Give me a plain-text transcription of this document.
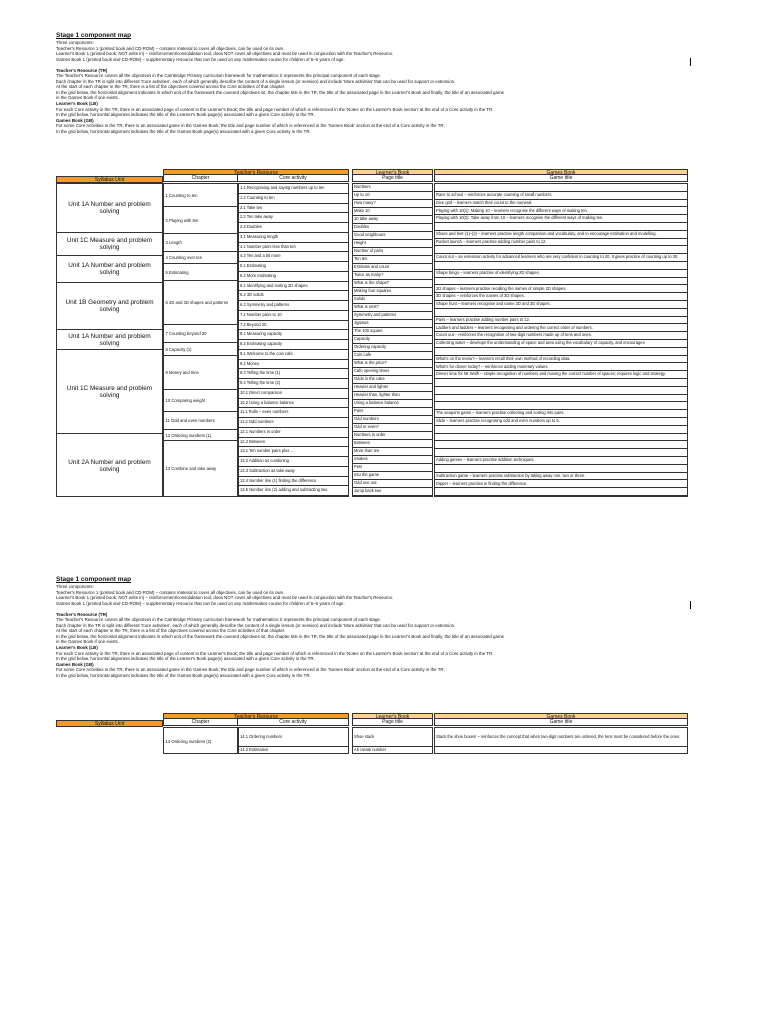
Stage 1 component map

Three components:

Teacher's Resource 1 (printed book and CD-ROM) – contains material to cover all objectives, can be used on its own.

Learner's Book 1 (printed book; NOT write in) – reinforcement/consolidation tool, does NOT cover all objectives and must be used in conjunction with the Teacher's Resource.

Games Book 1 (printed book and CD-ROM) – supplementary resource that can be used on any mathematics course for children of 5–6 years of age.

Teacher's Resource (TR)

The Teacher's Resource covers all the objectives in the Cambridge Primary curriculum framework for mathematics; it represents the principal component of each stage.

Each chapter in the TR is split into different 'Core activities', each of which generally describe the content of a single lesson (or session) and include 'More activities' that can be used for support or extension.

At the start of each chapter in the TR, there is a list of the objectives covered across the Core activities of that chapter.

In the grid below, the horizontal alignment indicates in which unit of the framework the covered objectives sit, the chapter title in the TR, the title of the associated page in the Learner's Book and finally, the title of an associated game

in the Games Book if one exists.

Learner's Book (LB)

For each Core activity in the TR, there is an associated page of content in the Learner's Book; the title and page number of which is referenced in the 'Notes on the Learner's Book section' at the end of a Core activity in the TR.

In the grid below, horizontal alignment indicates the title of the Learner's Book page(s) associated with a given Core activity in the TR.

Games Book (GB)

For some Core Activities in the TR, there is an associated game in the Games Book; the title and page number of which is referenced in the 'Games Book' section at the end of a Core activity in the TR.

In the grid below, horizontal alignment indicates the title of the Games Book page(s) associated with a given Core activity in the TR.

Syllabus Unit
Teacher's Resource
Chapter	Core activity
Learner's Book
Page title
Games Book
Game title
Unit 1A Number and problem solving
Unit 1C Measure and problem solving
Unit 1A Number and problem solving
Unit 1B Geometry and problem solving
Unit 1A Number and problem solving
Unit 1C Measure and problem solving
Unit 2A Number and problem solving
1 Counting to ten
2 Playing with ten
3 Length
4 Counting over ten
5 Estimating
6 2D and 3D shapes and patterns
7 Counting beyond 20
8 Capacity (1)
9 Money and time
10 Comparing weight
11 Odd and even numbers
12 Ordering numbers (1)
13 Combine and take away
1.1 Recognising and saying numbers up to ten
1.2 Counting to ten
2.1 Take ten
2.2 Ten take away
2.3 Doubles
3.1 Measuring length
4.1 Number pairs less than ten
4.2 Ten and a bit more
5.1 Estimating
5.2 More estimating
6.1 Identifying and sorting 2D shapes
6.2 3D solids
6.3 Symmetry and patterns
7.1 Number pairs to 10
7.2 Beyond 20
8.1 Measuring capacity
8.2 Estimating capacity
9.1 Welcome to the coin cafe
9.2 Money
9.3 Telling the time (1)
9.4 Telling the time (2)
10.1 Direct comparison
10.2 Using a balance balance
11.1 Rolls – even numbers
11.2 Odd numbers
12.1 Numbers in order
12.2 Between
13.1 Ten number pairs plus ...
13.2 Addition as combining
13.3 Subtraction as take away
13.4 Number line (1) finding the difference
13.5 Number line (2) adding and subtracting two
Numbers
Up to 10
How many?
Make 10
10 take away
Doubles
Good neighbours
Height
Number of pairs
Ten ten
Estimate and count
Twice as many?
What is the shape?
Making four squares
Solids
What is next?
Symmetry and patterns
Jigsaws
The 100 square
Capacity
Ordering capacity
Coin cafe
What is the price?
Cafe opening times
Odds in the cake
Heavier and lighter
Heavier than, lighter than
Using a balance balance
Pairs
Odd numbers
Odd or even?
Numbers in order
Between
More than ten
Snakes
Pets
Into the game
Odd one out
Jump back two
Race to school – reinforces accurate counting of small numbers.
Dice grid – learners match their count to the numeral.
Playing with 10(1): Making 10 – learners recognise the different ways of making ten.
Playing with 10(2): Take away from 10 – learners recognise the different ways of making ten.
Shoes and feet (1)–(2) – learners practise length comparison and vocabulary, and to encourage estimation and modelling.
Rocket launch – learners practise adding number pairs to 12.
Count out – an extension activity for advanced learners who are very confident in counting to 20. It gives practice of counting up to 30.
Shape bingo – learners practise of identifying 2D shapes.
2D shapes – learners practise recalling the names of simple 2D shapes.
3D shapes – reinforces the names of 3D shapes.
Shape hunt – learners recognise and name 2D and 3D shapes.
Pairs – learners practise adding number pairs to 12.
Ladders and ladders – learners recognising and ordering the correct order of numbers.
Count out – reinforces the recognition of two-digit numbers made up of tens and ones.
Collecting water – develops the understanding of space and area using the vocabulary of capacity, and encourages
What's on the menu? – learners recall their own method of recording data.
What's for dinner today? – reinforces adding monetary values.
Dinner time for Mr Wolf! – simple recognition of numbers and moving the correct number of spaces; requires logic and strategy.
The seaports game – learners practise collecting and sorting into pairs.
Slide – learners practise recognising odd and even numbers up to 6.
Adding games – learners practise addition techniques.
Subtraction game – learners practise subtraction by taking away one, two or three.
Dipper – learners practise in finding the difference.
Stage 1 component map

Three components:

Teacher's Resource 1 (printed book and CD-ROM) – contains material to cover all objectives, can be used on its own.

Learner's Book 1 (printed book; NOT write in) – reinforcement/consolidation tool, does NOT cover all objectives and must be used in conjunction with the Teacher's Resource.

Games Book 1 (printed book and CD-ROM) – supplementary resource that can be used on any mathematics course for children of 5–6 years of age.

Teacher's Resource (TR)

The Teacher's Resource covers all the objectives in the Cambridge Primary curriculum framework for mathematics; it represents the principal component of each stage.

Each chapter in the TR is split into different 'Core activities', each of which generally describe the content of a single lesson (or session) and include 'More activities' that can be used for support or extension.

At the start of each chapter in the TR, there is a list of the objectives covered across the Core activities of that chapter.

In the grid below, the horizontal alignment indicates in which unit of the framework the covered objectives sit, the chapter title in the TR, the title of the associated page in the Learner's Book and finally, the title of an associated game

in the Games Book if one exists.

Learner's Book (LB)

For each Core activity in the TR, there is an associated page of content in the Learner's Book; the title and page number of which is referenced in the 'Notes on the Learner's Book section' at the end of a Core activity in the TR.

In the grid below, horizontal alignment indicates the title of the Learner's Book page(s) associated with a given Core activity in the TR.

Games Book (GB)

For some Core Activities in the TR, there is an associated game in the Games Book; the title and page number of which is referenced in the 'Games Book' section at the end of a Core activity in the TR.

In the grid below, horizontal alignment indicates the title of the Games Book page(s) associated with a given Core activity in the TR.

Syllabus Unit
Teacher's Resource
Chapter	Core activity
Learner's Book
Page title
Games Book
Game title
14 Ordering numbers (2)
14.1 Ordering numbers
14.2 Estimation
Shoe stack
All create number
Stack the shoe boxes! – reinforces the concept that when two-digit numbers are ordered, the tens must be considered before the ones.
